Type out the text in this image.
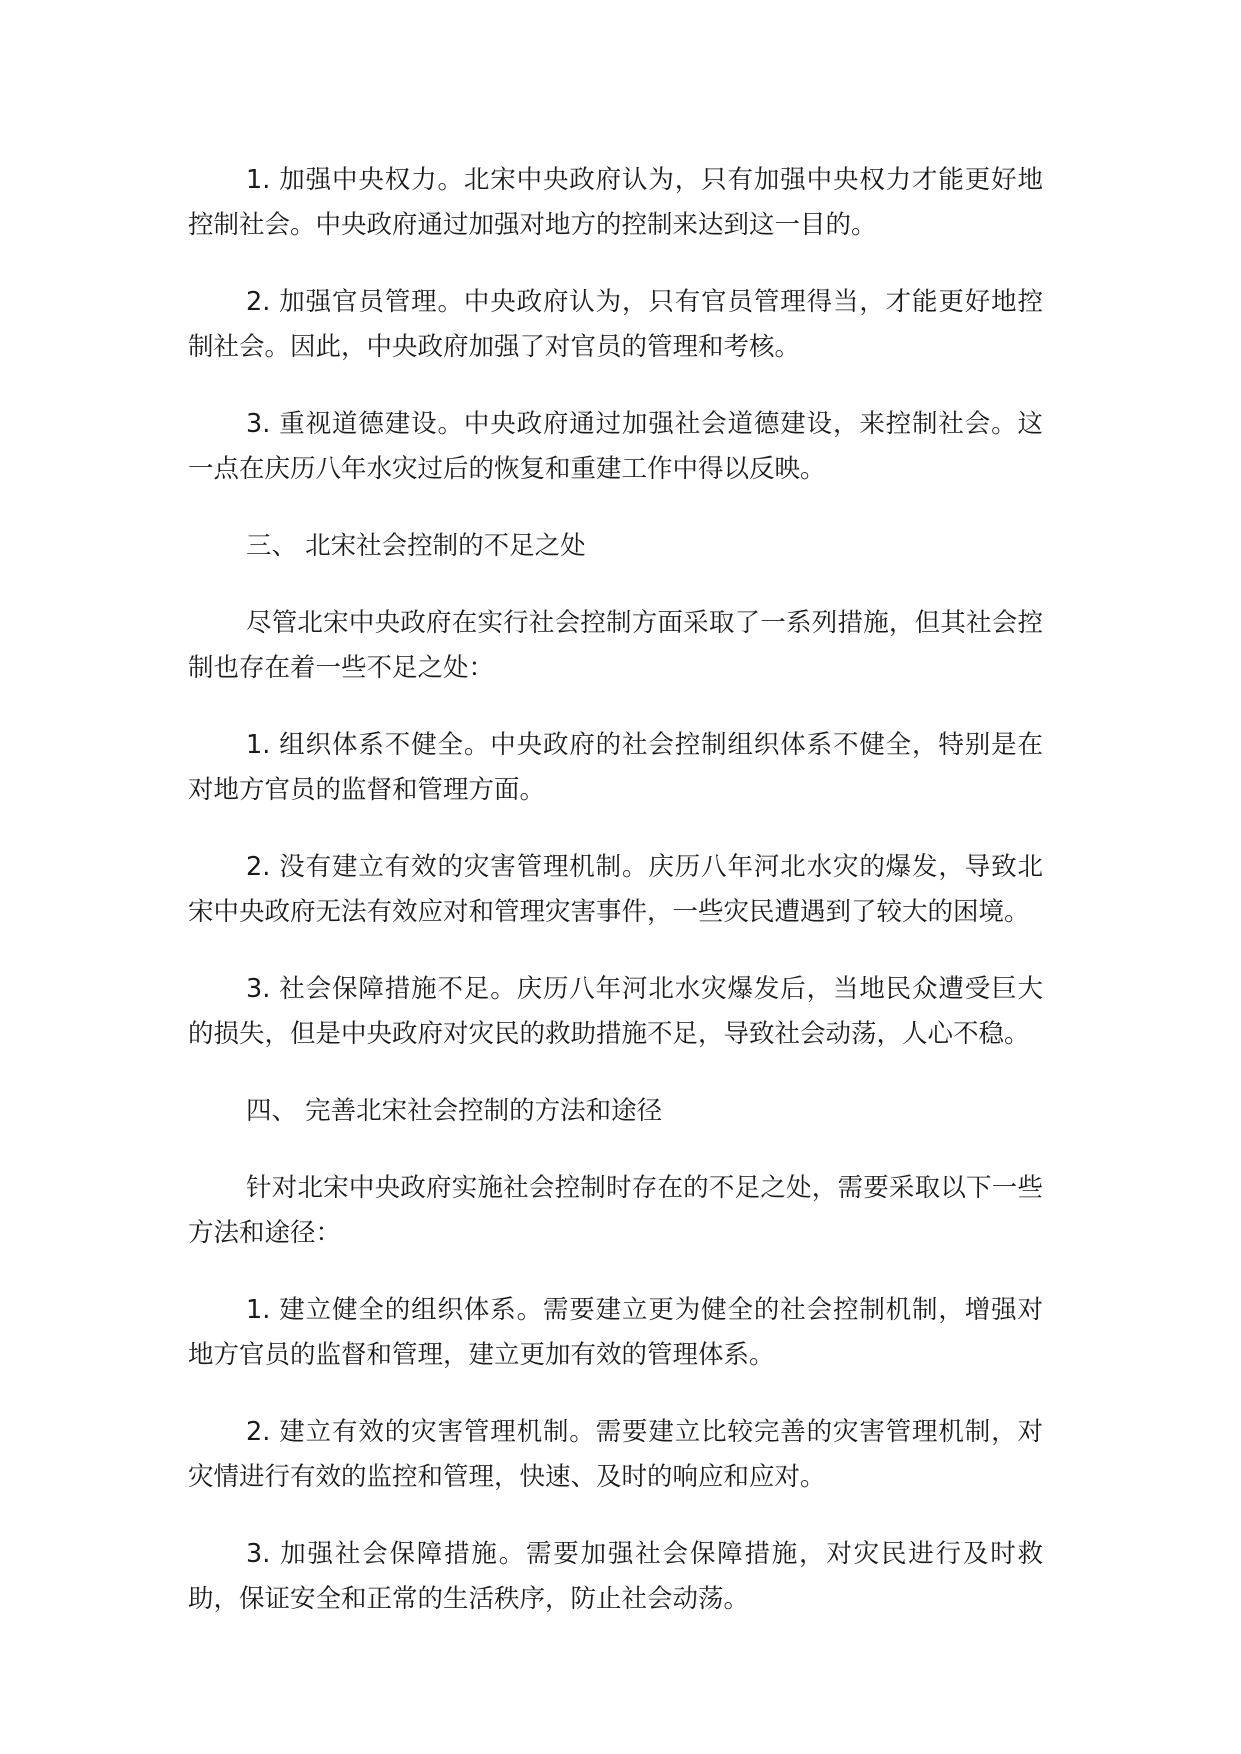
1. 加强中央权力。北宋中央政府认为，只有加强中央权力才能更好地控制社会。中央政府通过加强对地方的控制来达到这一目的。

2. 加强官员管理。中央政府认为，只有官员管理得当，才能更好地控制社会。因此，中央政府加强了对官员的管理和考核。

3. 重视道德建设。中央政府通过加强社会道德建设，来控制社会。这一点在庆历八年水灾过后的恢复和重建工作中得以反映。

三、 北宋社会控制的不足之处

尽管北宋中央政府在实行社会控制方面采取了一系列措施，但其社会控制也存在着一些不足之处：

1. 组织体系不健全。中央政府的社会控制组织体系不健全，特别是在对地方官员的监督和管理方面。

2. 没有建立有效的灾害管理机制。庆历八年河北水灾的爆发，导致北宋中央政府无法有效应对和管理灾害事件，一些灾民遭遇到了较大的困境。

3. 社会保障措施不足。庆历八年河北水灾爆发后，当地民众遭受巨大的损失，但是中央政府对灾民的救助措施不足，导致社会动荡，人心不稳。

四、 完善北宋社会控制的方法和途径

针对北宋中央政府实施社会控制时存在的不足之处，需要采取以下一些方法和途径：

1. 建立健全的组织体系。需要建立更为健全的社会控制机制，增强对地方官员的监督和管理，建立更加有效的管理体系。

2. 建立有效的灾害管理机制。需要建立比较完善的灾害管理机制，对灾情进行有效的监控和管理，快速、及时的响应和应对。

3. 加强社会保障措施。需要加强社会保障措施，对灾民进行及时救助，保证安全和正常的生活秩序，防止社会动荡。
